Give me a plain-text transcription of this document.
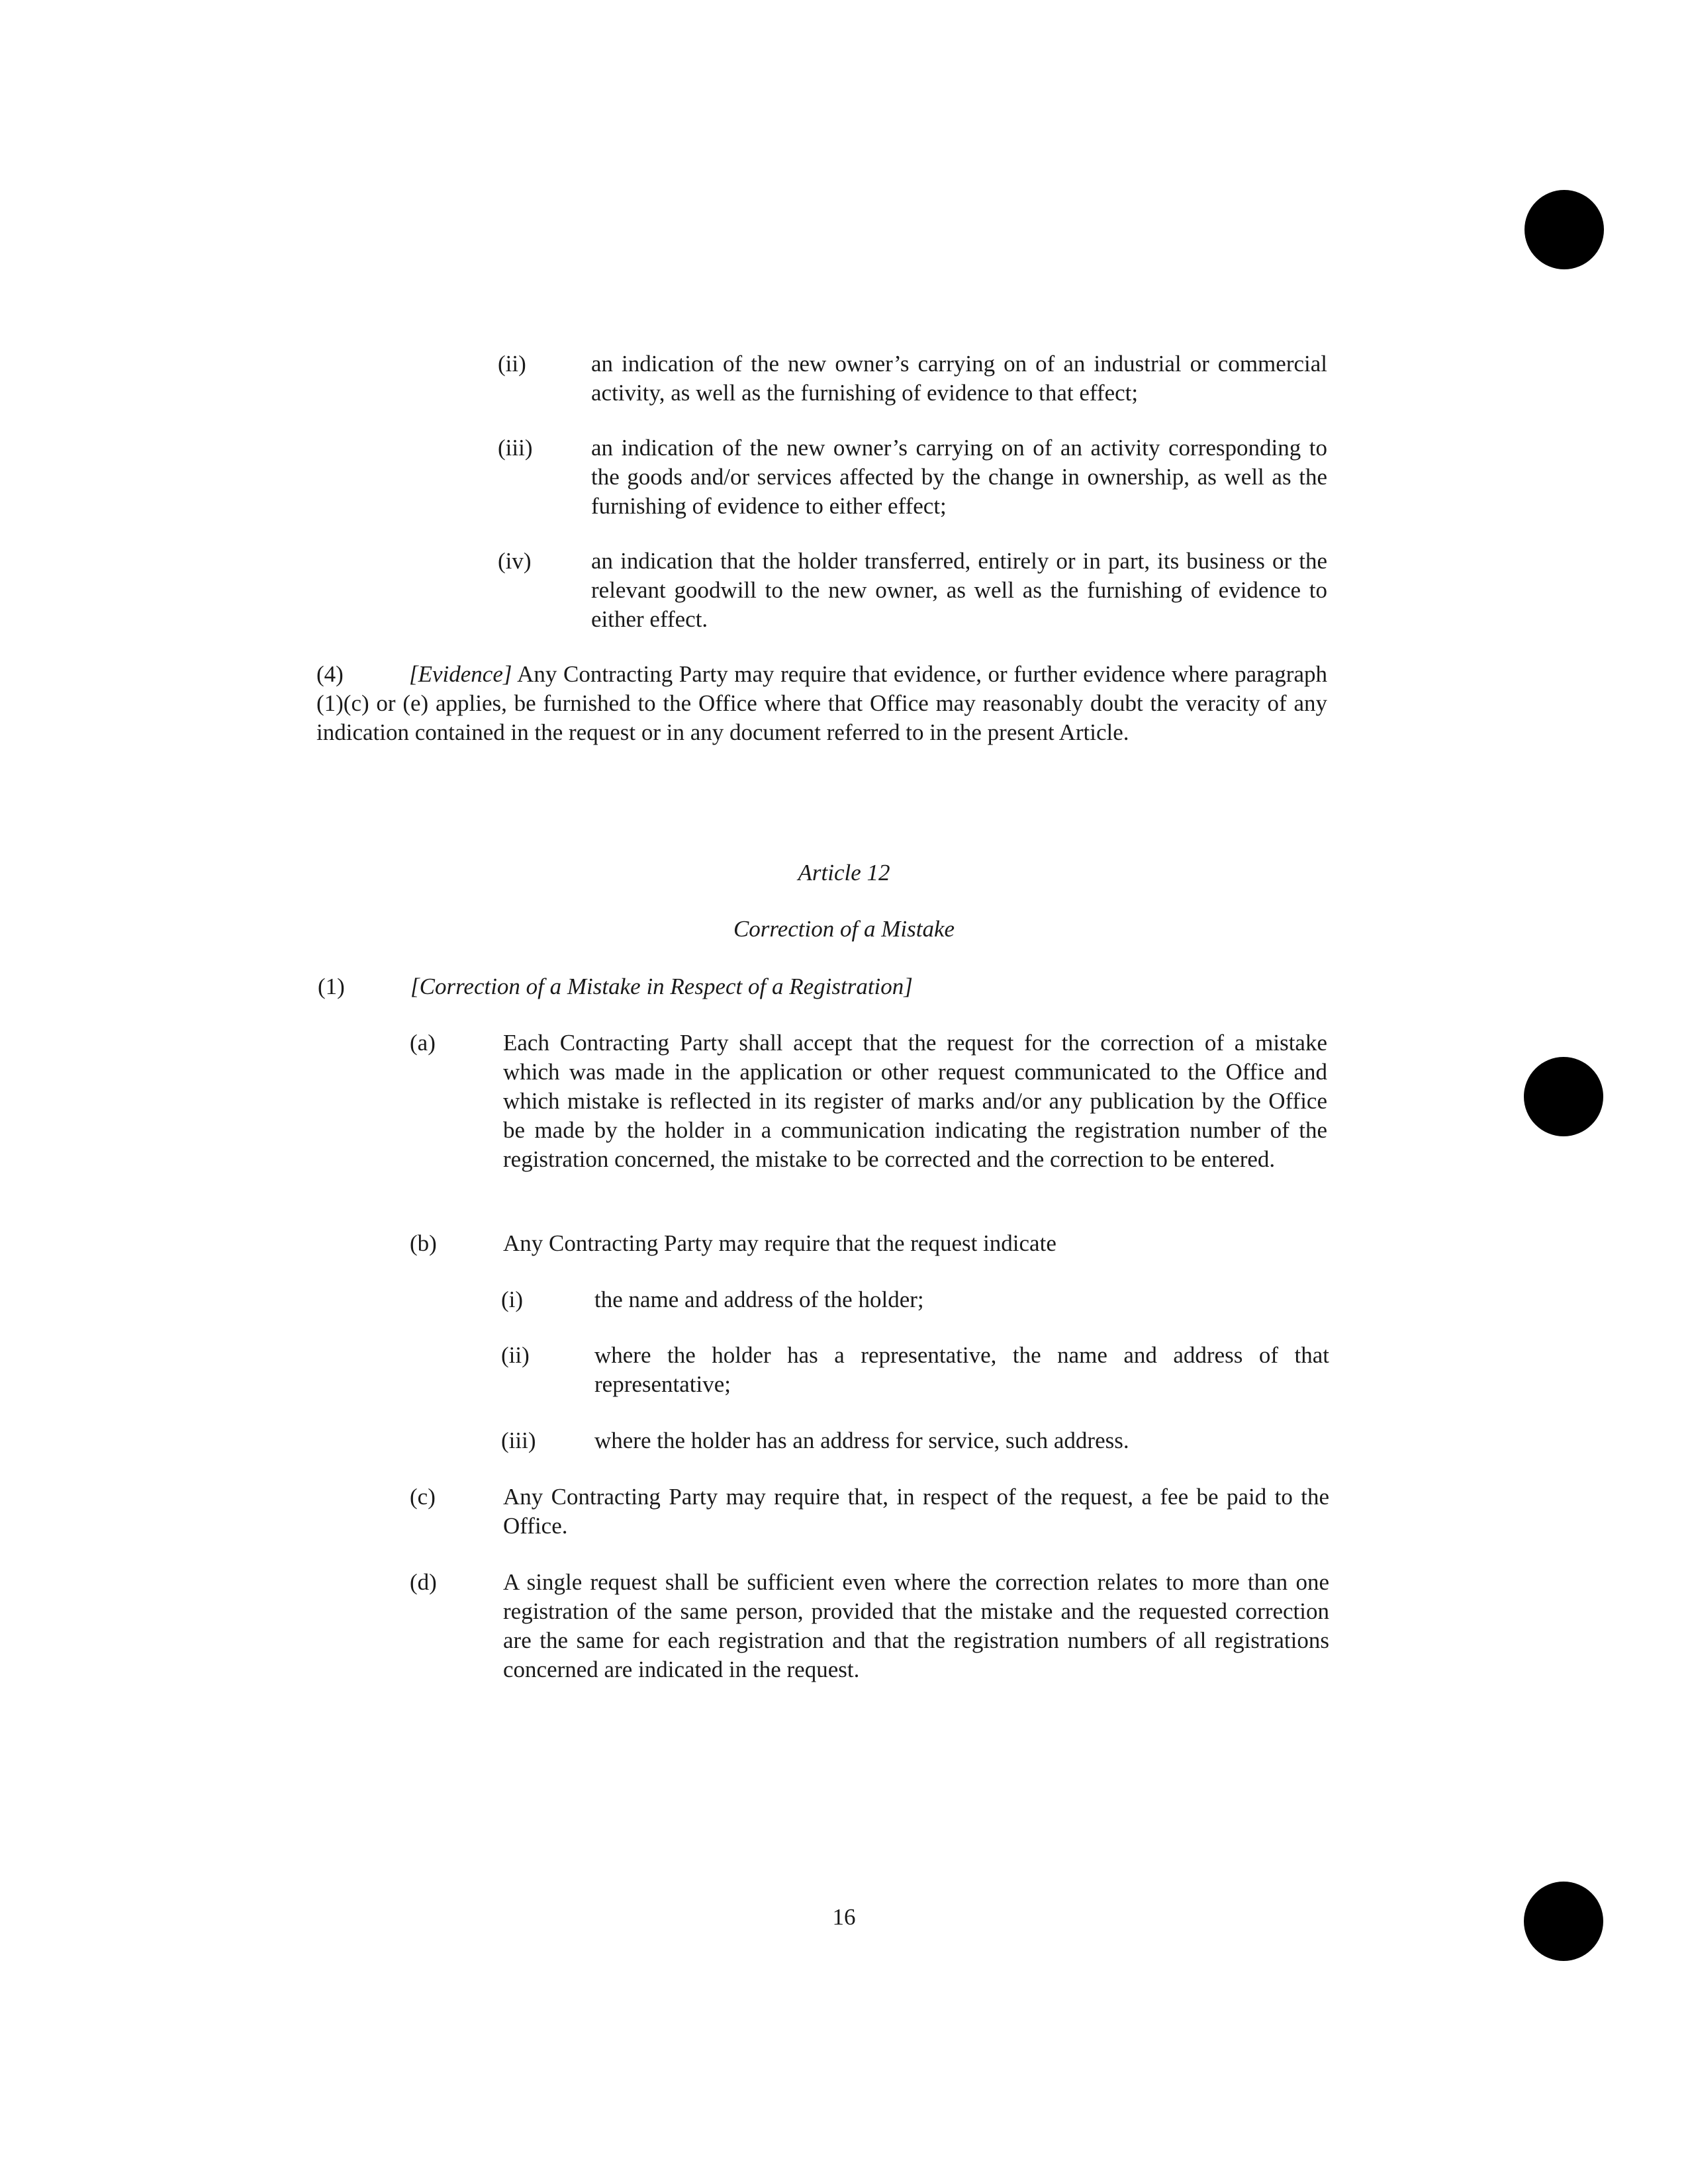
(ii)	an indication of the new owner’s carrying on of an industrial or commercial activity, as well as the furnishing of evidence to that effect;
(iii)	an indication of the new owner’s carrying on of an activity corresponding to the goods and/or services affected by the change in ownership, as well as the furnishing of evidence to either effect;
(iv)	an indication that the holder transferred, entirely or in part, its business or the relevant goodwill to the new owner, as well as the furnishing of evidence to either effect.
(4)	[Evidence] Any Contracting Party may require that evidence, or further evidence where paragraph (1)(c) or (e) applies, be furnished to the Office where that Office may reasonably doubt the veracity of any indication contained in the request or in any document referred to in the present Article.
Article 12
Correction of a Mistake
(1)	[Correction of a Mistake in Respect of a Registration]
(a)	Each Contracting Party shall accept that the request for the correction of a mistake which was made in the application or other request communicated to the Office and which mistake is reflected in its register of marks and/or any publication by the Office be made by the holder in a communication indicating the registration number of the registration concerned, the mistake to be corrected and the correction to be entered.
(b)	Any Contracting Party may require that the request indicate
(i)	the name and address of the holder;
(ii)	where the holder has a representative, the name and address of that representative;
(iii)	where the holder has an address for service, such address.
(c)	Any Contracting Party may require that, in respect of the request, a fee be paid to the Office.
(d)	A single request shall be sufficient even where the correction relates to more than one registration of the same person, provided that the mistake and the requested correction are the same for each registration and that the registration numbers of all registrations concerned are indicated in the request.
16
